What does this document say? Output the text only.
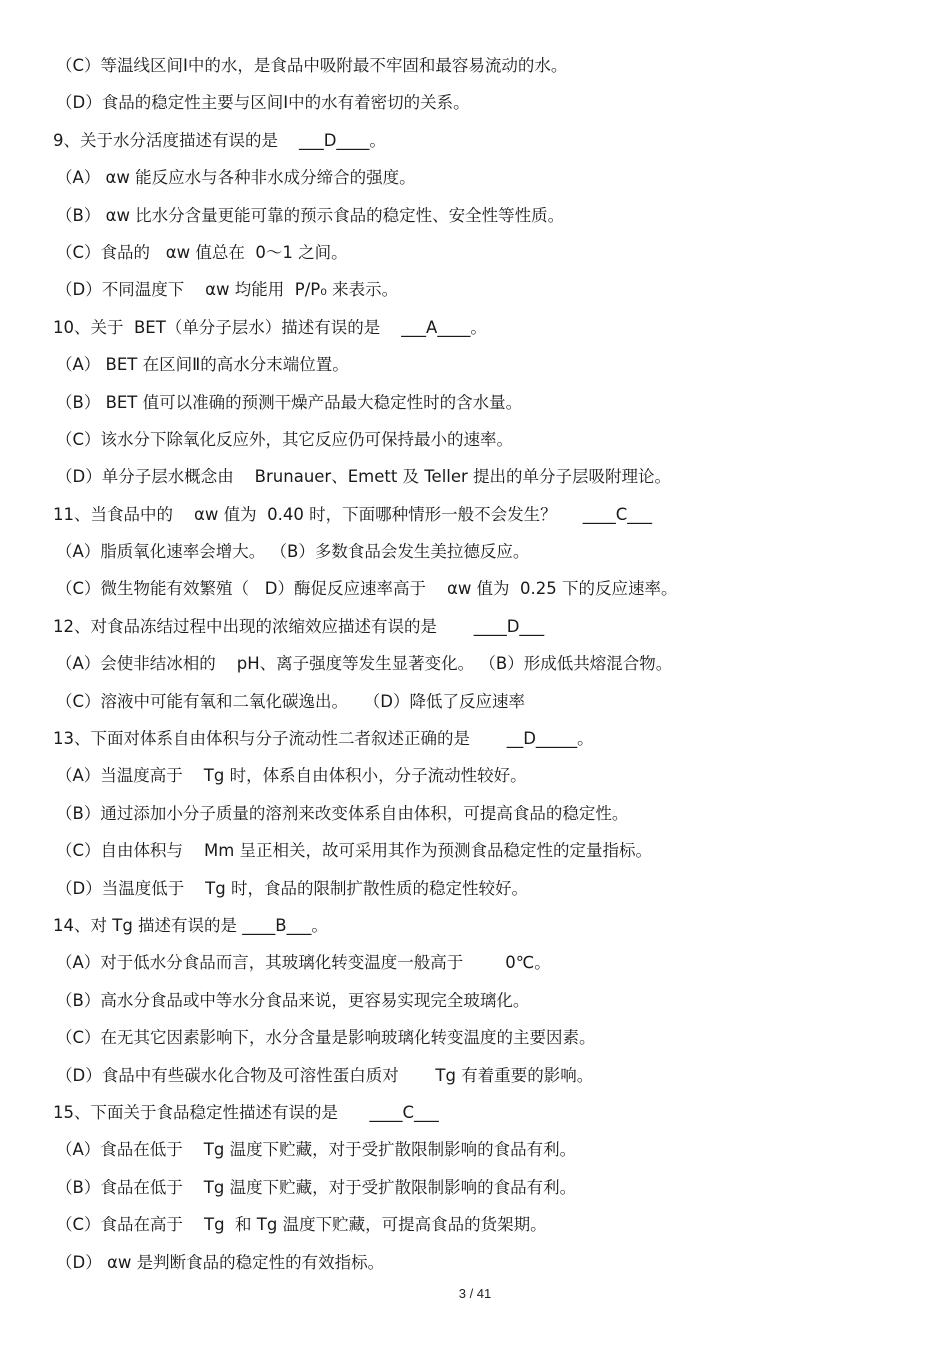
（C）等温线区间Ⅰ中的水，是食品中吸附最不牢固和最容易流动的水。
（D）食品的稳定性主要与区间Ⅰ中的水有着密切的关系。
9、关于水分活度描述有误的是    ___D____。
（A） αw 能反应水与各种非水成分缔合的强度。
（B） αw 比水分含量更能可靠的预示食品的稳定性、安全性等性质。
（C）食品的   αw 值总在  0～1 之间。
（D）不同温度下    αw 均能用  P/P₀ 来表示。
10、关于  BET（单分子层水）描述有误的是    ___A____。
（A） BET 在区间Ⅱ的高水分末端位置。
（B） BET 值可以准确的预测干燥产品最大稳定性时的含水量。
（C）该水分下除氧化反应外，其它反应仍可保持最小的速率。
（D）单分子层水概念由    Brunauer、Emett 及 Teller 提出的单分子层吸附理论。
11、当食品中的    αw 值为  0.40 时，下面哪种情形一般不会发生？     ____C___
（A）脂质氧化速率会增大。 （B）多数食品会发生美拉德反应。
（C）微生物能有效繁殖（   D）酶促反应速率高于    αw 值为  0.25 下的反应速率。
12、对食品冻结过程中出现的浓缩效应描述有误的是       ____D___
（A）会使非结冰相的    pH、离子强度等发生显著变化。 （B）形成低共熔混合物。
（C）溶液中可能有氧和二氧化碳逸出。   （D）降低了反应速率
13、下面对体系自由体积与分子流动性二者叙述正确的是       __D_____。
（A）当温度高于    Tg 时，体系自由体积小，分子流动性较好。
（B）通过添加小分子质量的溶剂来改变体系自由体积，可提高食品的稳定性。
（C）自由体积与    Mm 呈正相关，故可采用其作为预测食品稳定性的定量指标。
（D）当温度低于    Tg 时，食品的限制扩散性质的稳定性较好。
14、对 Tg 描述有误的是 ____B___。
（A）对于低水分食品而言，其玻璃化转变温度一般高于        0℃。
（B）高水分食品或中等水分食品来说，更容易实现完全玻璃化。
（C）在无其它因素影响下，水分含量是影响玻璃化转变温度的主要因素。
（D）食品中有些碳水化合物及可溶性蛋白质对       Tg 有着重要的影响。
15、下面关于食品稳定性描述有误的是      ____C___
（A）食品在低于    Tg 温度下贮藏，对于受扩散限制影响的食品有利。
（B）食品在低于    Tg 温度下贮藏，对于受扩散限制影响的食品有利。
（C）食品在高于    Tg  和 Tg 温度下贮藏，可提高食品的货架期。
（D） αw 是判断食品的稳定性的有效指标。
3 / 41
